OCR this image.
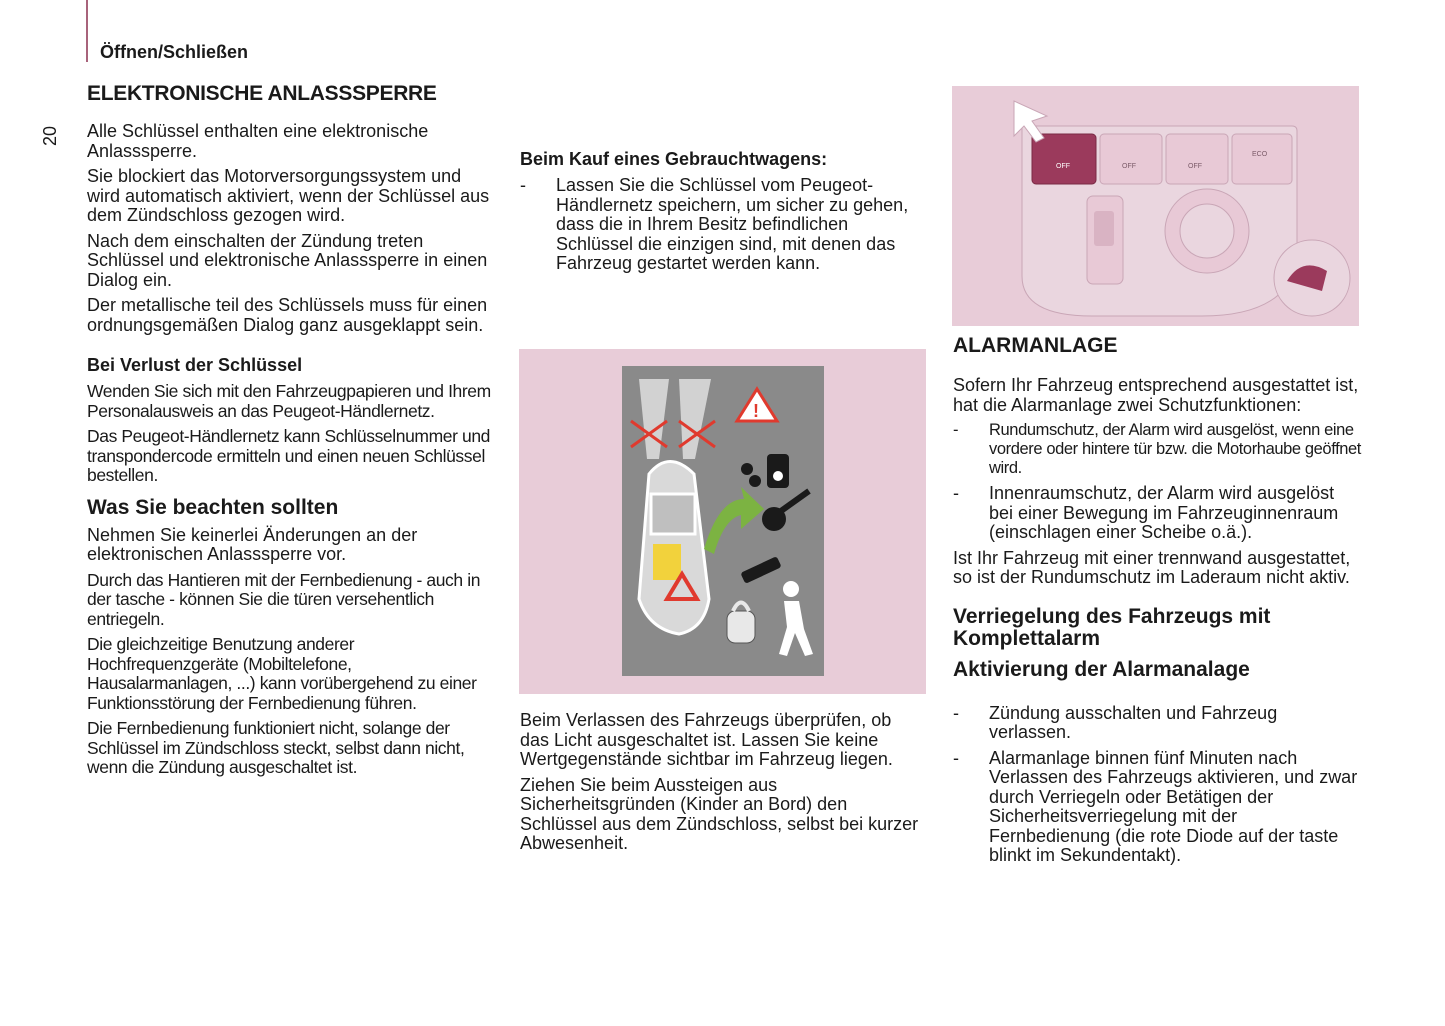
Öffnen/Schließen
20
ELEKTRONISCHE ANLASSSPERRE

Alle Schlüssel enthalten eine elektronische Anlasssperre.

Sie blockiert das Motorversorgungssystem und wird automatisch aktiviert, wenn der Schlüssel aus dem Zündschloss gezogen wird.

Nach dem einschalten der Zündung treten Schlüssel und elektronische Anlasssperre in einen Dialog ein.

Der metallische teil des Schlüssels muss für einen ordnungsgemäßen Dialog ganz ausgeklappt sein.

Bei Verlust der Schlüssel

Wenden Sie sich mit den Fahrzeugpapieren und Ihrem Personalausweis an das Peugeot-Händlernetz.

Das Peugeot-Händlernetz kann Schlüsselnummer und transpondercode ermitteln und einen neuen Schlüssel bestellen.

Was Sie beachten sollten

Nehmen Sie keinerlei Änderungen an der elektronischen Anlasssperre vor.

Durch das Hantieren mit der Fernbedienung - auch in der tasche - können Sie die türen versehentlich entriegeln.

Die gleichzeitige Benutzung anderer Hochfrequenzgeräte (Mobiltelefone, Hausalarmanlagen, ...) kann vorübergehend zu einer Funktionsstörung der Fernbedienung führen.

Die Fernbedienung funktioniert nicht, solange der Schlüssel im Zündschloss steckt, selbst dann nicht, wenn die Zündung ausgeschaltet ist.

Beim Kauf eines Gebrauchtwagens:
-	Lassen Sie die Schlüssel vom Peugeot-Händlernetz speichern, um sicher zu gehen, dass die in Ihrem Besitz befindlichen Schlüssel die einzigen sind, mit denen das Fahrzeug gestartet werden kann.
!

Beim Verlassen des Fahrzeugs überprüfen, ob das Licht ausgeschaltet ist. Lassen Sie keine Wertgegenstände sichtbar im Fahrzeug liegen.

Ziehen Sie beim Aussteigen aus Sicherheitsgründen (Kinder an Bord) den Schlüssel aus dem Zündschloss, selbst bei kurzer Abwesenheit.

OFF	OFF	OFF
ECO
ALARMANLAGE

Sofern Ihr Fahrzeug entsprechend ausgestattet ist, hat die Alarmanlage zwei Schutzfunktionen:

-	Rundumschutz, der Alarm wird ausgelöst, wenn eine vordere oder hintere tür bzw. die Motorhaube geöffnet wird.
-	Innenraumschutz, der Alarm wird ausgelöst bei einer Bewegung im Fahrzeuginnenraum (einschlagen einer Scheibe o.ä.).

Ist Ihr Fahrzeug mit einer trennwand ausgestattet, so ist der Rundumschutz im Laderaum nicht aktiv.

Verriegelung des Fahrzeugs mit Komplettalarm
Aktivierung der Alarmanalage
-	Zündung ausschalten und Fahrzeug verlassen.
-	Alarmanlage binnen fünf Minuten nach Verlassen des Fahrzeugs aktivieren, und zwar durch Verriegeln oder Betätigen der Sicherheitsverriegelung mit der Fernbedienung (die rote Diode auf der taste blinkt im Sekundentakt).
